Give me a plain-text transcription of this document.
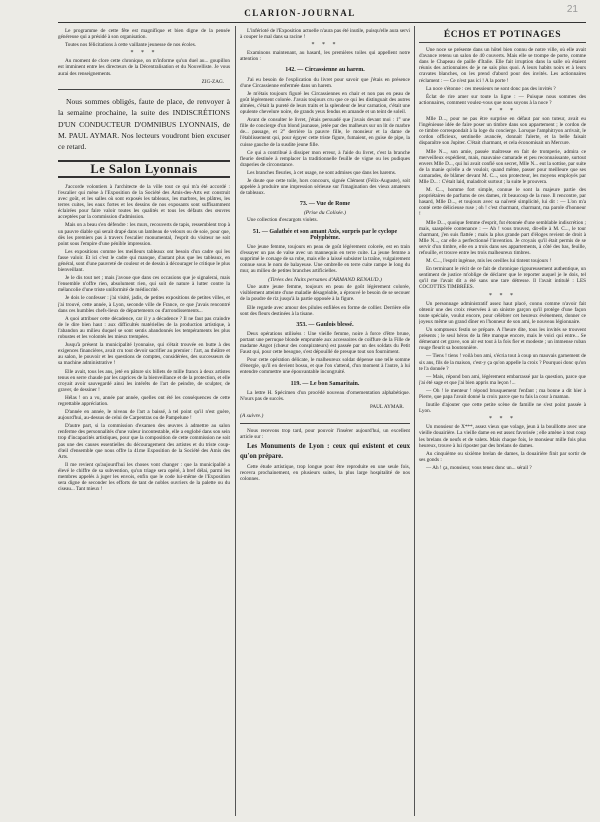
CLARION-JOURNAL	21

Le programme de cette fête est magnifique et bien digne de la pensée généreuse qui a présidé à son organisation.

Toutes nos félicitations à cette vaillante jeunesse de nos écoles.

* * *

Au moment de clore cette chronique, on m'informe qu'un duel au... goupillon est imminent entre les directeurs de la Décentralisation et du Nouvelliste. Je vous aurai des renseignements.

ZIG-ZAG.

Nous sommes obligés, faute de place, de renvoyer à la semaine prochaine, la suite des INDISCRÉTIONS D'UN CONDUCTEUR D'OMNIBUS LYONNAIS, de M. PAUL AYMAR. Nos lecteurs voudront bien excuser ce retard.

Le Salon Lyonnais

J'accorde volontiers à l'architecte de la ville tout ce qui m'a été accordé : l'escalier qui mène à l'Exposition de la Société des Amis-des-Arts est construit avec goût, et les salles où sont exposés les tableaux, les marbres, les plâtres, les terres cuites, les eaux fortes et les dessins de nos exposants sont suffisamment éclairées pour faire valoir toutes les qualités et tous les défauts des œuvres acceptées par la commission d'admission.

Mais on a beau s'en défendre : les murs, recouverts de tapis, ressemblent trop à un pauvre diable qui serait drapé dans un lambeau de velours ou de soie, pour que, dès les premiers pas à travers l'escalier monumental, l'esprit du visiteur ne soit point sous l'empire d'une pénible impression.

Les expositions comme les meilleurs tableaux ont besoin d'un cadre qui les fasse valoir. Et ici c'est le cadre qui manque, d'autant plus que les tableaux, en général, sont d'une pauvreté de couleur et de dessin à décourager le critique le plus bienveillant.

Je le dis tout net ; mais j'avoue que dans ces occasions que je signalerai, mais l'ensemble n'offre rien, absolument rien, qui soit de nature à lutter contre la mélancolie d'une triste uniformité de médiocrité.

Je dois le confesser : j'ai visité, jadis, de petites expositions de petites villes, et j'ai trouvé, cette année, à Lyon, seconde ville de France, ce que j'avais rencontré dans ces humbles chefs-lieux de départements ou d'arrondissements...

A quoi attribuer cette décadence, car il y a décadence ? Il ne faut pas craindre de le dire bien haut : aux difficultés matérielles de la production artistique, à l'abandon au milieu duquel se sont sentis abandonnés les tempéraments les plus robustes et les volontés les mieux trempées.

Jusqu'à présent la municipalité lyonnaise, qui s'était trouvée en butte à des exigences financières, avait cru tout devoir sacrifier au premier : l'art, au théâtre et au salon, le pouvoir et les questions de comptes, considérées, des successeurs de sa machine administrative !

Elle avait, tous les ans, jeté en pâture six billets de mille francs à deux artistes tenus en serre chaude par les caprices de la bienveillance et de la protection, et elle croyait avoir sauvegardé ainsi les intérêts de l'art de peindre, de sculpter, de graver, de dessiner !

Hélas ! on a vu, année par année, quelles ont été les conséquences de cette regrettable appréciation.

D'année en année, le niveau de l'art a baissé, à tel point qu'il n'est guère, aujourd'hui, au-dessus de celui de Carpentras ou de Pampelune !

D'autre part, si la commission d'examen des œuvres à admettre au salon renferme des personnalités d'une valeur incontestable, elle a englobé dans son sein trop d'incapacités artistiques, pour que la composition de cette commission ne soit pas une des causes essentielles du découragement des artistes et du triste coup-d'œil d'ensemble que nous offre la 41me Exposition de la Société des Amis des Arts.

Il me revient qu'aujourd'hui les choses vont changer : que la municipalité a élevé le chiffre de sa subvention, qu'un triage sera opéré, à bref délai, parmi les membres appelés à juger les envois, enfin que le code lui-même de l'Exposition sera digne de seconder les efforts de tant de nobles ouvriers de la palette ou du ciseau... Tant mieux !

L'inférioté de l'Exposition actuelle n'aura pas été inutile, puisqu'elle aura servi à couper le mal dans sa racine !

* * *

Examinons maintenant, au hasard, les premières toiles qui appellent notre attention :

142. — Circassienne au harem.

J'ai eu besoin de l'explication du livret pour savoir que j'étais en présence d'une Circassienne enfermée dans un harem.

Je m'étais toujours figuré les Circassiennes en chair et non pas en peau de goût légèrement colorée. J'avais toujours cru que ce qui les distinguait des autres almées, c'était la pureté de leurs traits et la splendeur de leur carnation, c'était une opulente chevelure noire, de grands yeux fendus en amande et un teint de soleil.

Avant de consulter le livret, j'étais persuadé que j'avais devant moi : 1° une fille de concierge d'un blond jaunasse, jetée par des malheurs sur un lit de marbre de... passage, et 2° derrière la pauvre fille, le monsieur et la dame de l'établissement qui, pour égayer cette triste figure, fumaient, en guise de pipe, la cuisse gauche de la susdite jeune fille.

Ce qui a contribué à dissiper mon erreur, à l'aide du livret, c'est la branche fleurie destinée à remplacer la traditionnelle feuille de vigne ou les pudiques draperies de circonstance.

Les branches fleuries, à cet usage, ne sont admises que dans les harems.

Je doute que cette toile, hors concours, signée Clément (Félix-Auguste), soit appelée à produire une impression sérieuse sur l'imagination des vieux amateurs de tableaux.

73. — Vue de Rome
(Prise du Colisée.)

Une collection d'escargots violets.

51. — Galathée et son amant Axis, surpris par le cyclope Polyphème.

Une jeune femme, toujours en peau de goût légèrement colorée, est en train d'essayer un pas de valse avec un mannequin en terre cuite. La jeune femme a supprimé le corsage de sa robe, mais elle a laissé subsister la traîne, vulgairement connue sous le nom de balayeuse. Une ombrelle en terre cuite rampe le long du mur, au milieu de petites branches artificielles.

(Tirées des Nuits persanes d'ARMAND RENAUD.)

Une autre jeune femme, toujours en peau de goût légèrement colorée, visiblement atteinte d'une maladie désagréable, a éprouvé le besoin de se secouer de la poudre de riz jusqu'à la partie opposée à la figure.

Elle regarde avec amour des pilules enfilées en forme de collier. Derrière elle sont des fleurs destinées à la tisane.

353. — Gaulois blessé.

Deux opérations utiliséss : Une vieille femme, noire à force d'être brune, portant une perruque blonde empruntée aux accessoires de coiffure de la Fille de madame Angot (chœur des conspirateurs) est passée par un des soldats du Petit Faust qui, pour cette besogne, s'est dépouillé de presque tout son fourniment.

Pour cette opération délicate, le malheureux soldat dépense une telle somme d'énergie, qu'il en devient bossu, et que l'on s'attend, d'un moment à l'autre, à lui entendre commettre une épouvantable incongruité.

119. — Le bon Samaritain.

La lettre H. Spécimen d'un procédé nouveau d'ornementation alphabétique. N'ours pas de succès.

PAUL AYMAR.
(A suivre.)

Nous recevons trop tard, pour pouvoir l'insérer aujourd'hui, un excellent article sur :

Les Monuments de Lyon : ceux qui existent et ceux qu'on prépare.

Cette étude artistique, trop longue pour être reproduite en une seule fois, recevra prochainement, en plusieurs suites, la plus large hospitalité de nos colonnes.

ÉCHOS ET POTINAGES

Une noce se présente dans un hôtel bien connu de notre ville, où elle avait d'avance retenu un salon de 40 couverts. Mais elle se trompe de porte, comme dans le Chapeau de paille d'Italie. Elle fait irruption dans la salle où étaient réunis des actionnaires de je ne sais plus quoi. A leurs habits noirs et à leurs cravates blanches, on les prend d'abord pour des invités. Les actionnaires réclament : — Ce n'est pas ici ! A la porte !

La noce s'étonne : ces messieurs ne sont donc pas des invités ?

Éclat de rire amer sur toute la ligne : — Puisque nous sommes des actionnaires, comment voulez-vous que nous soyons à la noce ?

* * *

Mlle D..., pour ne pas être surprise en défaut par son tuteur, avait eu l'ingénieuse idée de faire poser un timbre dans son appartement ; le cordon de ce timbre correspondait à la loge du concierge. Lorsque l'amphitryon arrivait, le cordon officieux, sentinelle avancée, donnait l'alerte, et la belle faisait disparaître son Jupiter. C'était charmant, et cela économisait un Mercure.

Mlle N..., son amie, passée maîtresse en fait de tromperie, admira ce merveilleux expédient, mais, mauvaise camarade et peu reconnaissante, surtout envers Mlle D..., qui lui avait confié son secret, Mlle N... eut la sottise, par suite de la manie qu'elle a de vouloir, quand même, passer pour meilleure que ses camarades, de blâmer devant M. C..., son protecteur, les moyens employés par Mlle D... : C'était laid, maladroit surtout ; la suite le prouvera.

M. C..., homme fort simple, connue le sont la majeure partie des propriétaires de parfums de ces dames, rit beaucoup de la ruse. Il rencontre, par hasard, Mlle D..., et toujours avec sa naïveté simplicité, lui dit : — L'on m'a conté cette délicieuse ruse ; oh ! c'est charmant, charmant, ma parole d'honneur !

Mlle D..., quoique femme d'esprit, fut étonnée d'une semblable indiscrétion ; mais, saaspérée contenance : — Ah ! vous trouvez, dit-elle à M. C..., le tour charmant, j'en suis flattée ; mais la plus grande part d'éloges revient de droit à Mlle N..., car elle a perfectionné l'invention. Je croyais qu'il était permis de se servir d'un timbre, elle en a trois dans ses appartements, à côté des bas, feuille, refouille, et trouve entre les trois malheureux timbres.

M. C..., l'esprit ingénue, mis les oreilles lui tintent toujours !

En terminant le récit de ce fait de chronique rigoureusement authentique, un sentiment de justice m'oblige de déclarer que le reporter auquel je le dois, tel qu'il me l'avait dit a été sans une tare détresse. Il l'avait intitulé : LES COCOTTES TIMBRÉES.

* * *

Un personnage administratif assez haut placé, connu comme n'avoir fait obtenir une des croix réservées à un sinistre garçon qu'il protège d'une façon toute spéciale, voulut encore, pour célébrer cet heureux événement, donner ce joyeux même un grand dîner en l'honneur de son ami, le nouveau légionnaire.

Un somptueux festin se prépare. A l'heure dite, tous les invités se trouvent présents ; le seul héros de la fête manque encore, mais le voici qui entre... Se démenant cet grave, son air est tout à la fois fier et modeste ; un immense ruban rouge fleurit sa boutonnière.

— Tiens ! tiens ! voilà bon ami, s'écria tout à coup un mauvais garnement de six ans, fils de la maison, c'est-y ça qu'on appelle la croix ? Pourquoi donc qu'on te l'a donnée ?

— Mais, répond bon ami, légèrement embarrassé par la question, parce que j'ai été sage et que j'ai bien appris ma leçon !...

— Oh ! le menteur ! répond brusquement l'enfant ; ma bonne a dit hier à Pierre, que papa l'avait donné la croix parce que tu fais la cour à maman.

Inutile d'ajouter que cette petite scène de famille ne s'est point passée à Lyon.

* * *

Un monsieur de X***, assez vieux que volage, jeun à la bouillotte avec une vieille douairière. La vieille dame en est assez favorisée ; elle amène à tout coup les brelans de neufs et de valets. Mais chaque fois, le monsieur mille fois plus heureux, trouve à lui riposter par des brelans de dames.

Au cinquième ou sixième brelan de dames, la douairière finit par sortir de ses gonds :

— Ah ! ça, monsieur, vous tenez donc un... sérail ?
